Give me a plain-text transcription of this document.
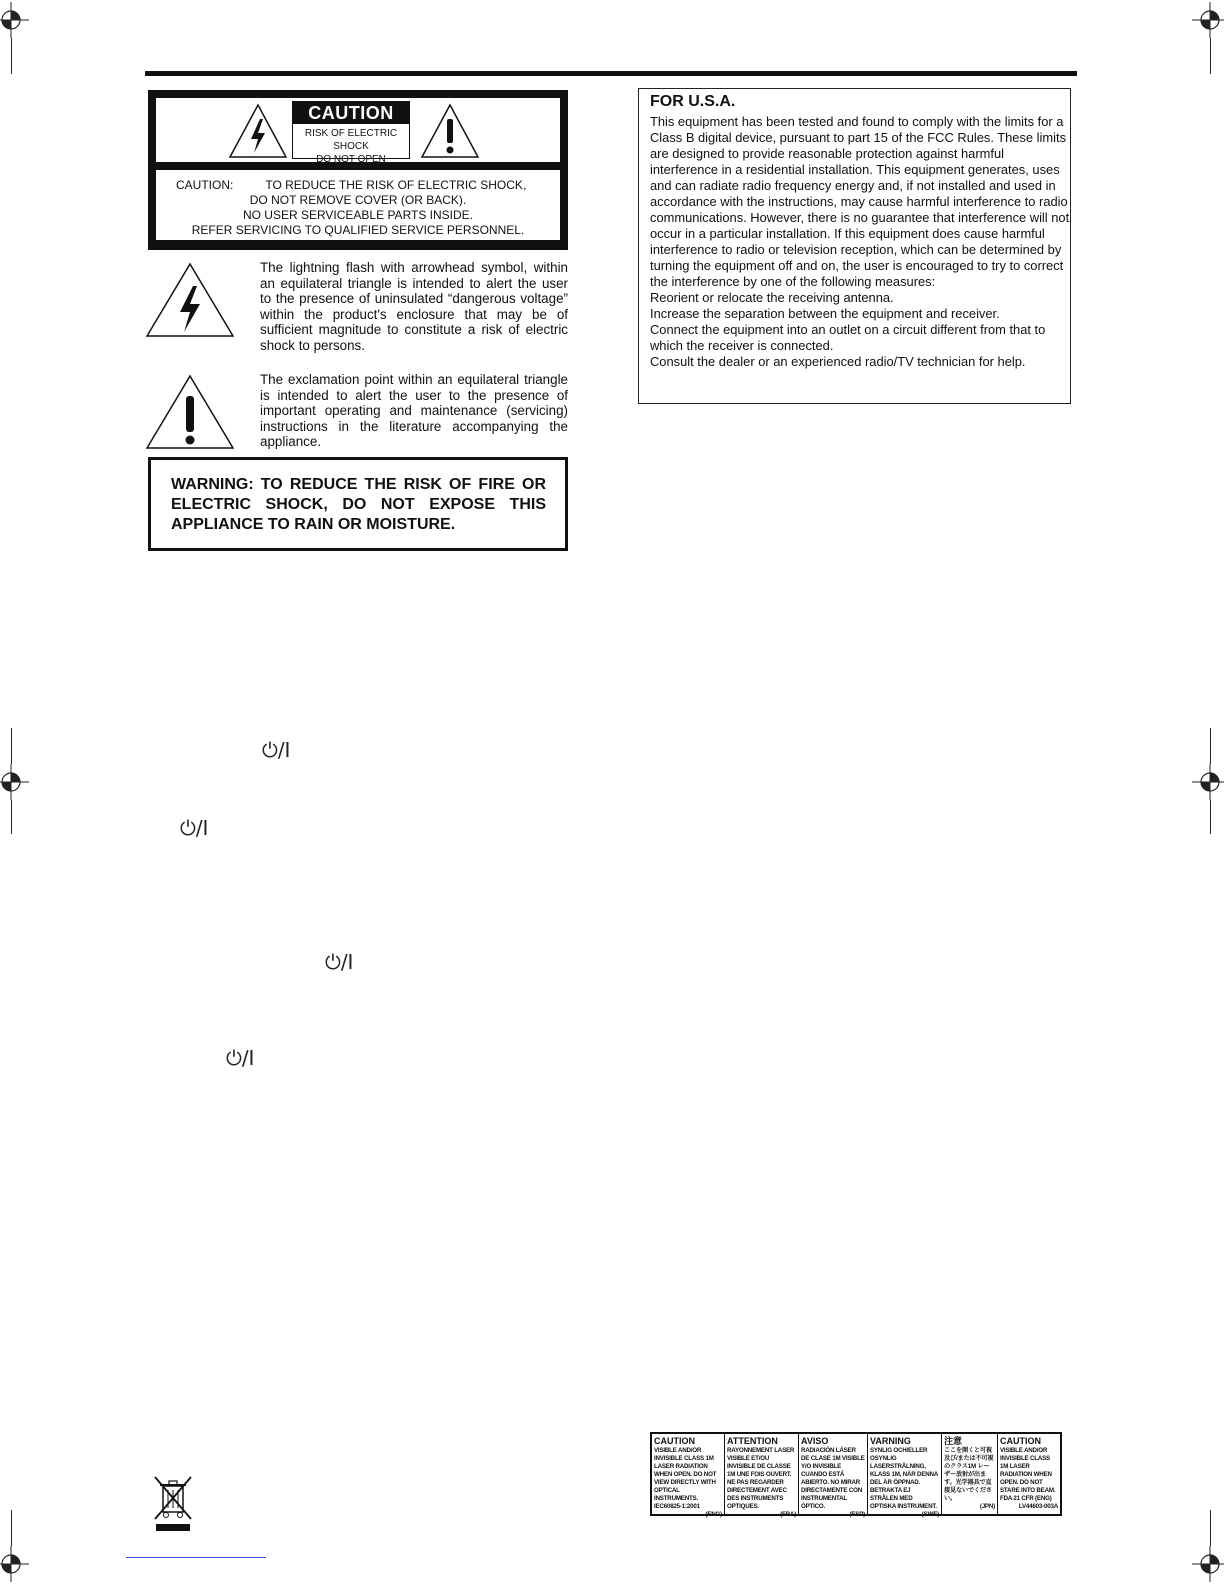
CAUTION
RISK OF ELECTRIC SHOCK
DO NOT OPEN
CAUTION:	TO REDUCE THE RISK OF ELECTRIC SHOCK,
DO NOT REMOVE COVER (OR BACK).
NO USER SERVICEABLE PARTS INSIDE.
REFER SERVICING TO QUALIFIED SERVICE PERSONNEL.
The lightning flash with arrowhead symbol, within an equilateral triangle is intended to alert the user to the presence of uninsulated “dangerous voltage” within the product's enclosure that may be of sufficient magnitude to constitute a risk of electric shock to persons.
The exclamation point within an equilateral triangle is intended to alert the user to the presence of important operating and maintenance (servicing) instructions in the literature accompanying the appliance.
WARNING: TO REDUCE THE RISK OF FIRE OR ELECTRIC SHOCK, DO NOT EXPOSE THIS APPLIANCE TO RAIN OR MOISTURE.
FOR U.S.A.
This equipment has been tested and found to comply with the limits for a Class B digital device, pursuant to part 15 of the FCC Rules. These limits are designed to provide reasonable protection against harmful interference in a residential installation. This equipment generates, uses and can radiate radio frequency energy and, if not installed and used in accordance with the instructions, may cause harmful interference to radio communications. However, there is no guarantee that interference will not occur in a particular installation. If this equipment does cause harmful interference to radio or television reception, which can be determined by turning the equipment off and on, the user is encouraged to try to correct the interference by one of the following measures:
Reorient or relocate the receiving antenna.
Increase the separation between the equipment and receiver.
Connect the equipment into an outlet on a circuit different from that to which the receiver is connected.
Consult the dealer or an experienced radio/TV technician for help.
⏻/I
⏻/I
⏻/I
⏻/I
CAUTION
VISIBLE AND/OR INVISIBLE CLASS 1M LASER RADIATION WHEN OPEN. DO NOT VIEW DIRECTLY WITH OPTICAL INSTRUMENTS. IEC60825-1:2001
(ENG)
ATTENTION
RAYONNEMENT LASER VISIBLE ET/OU INVISIBLE DE CLASSE 1M UNE FOIS OUVERT. NE PAS REGARDER DIRECTEMENT AVEC DES INSTRUMENTS OPTIQUES.
(FRA)
AVISO
RADIACIÓN LÁSER DE CLASE 1M VISIBLE Y/O INVISIBLE CUANDO ESTÁ ABIERTO. NO MIRAR DIRECTAMENTE CON INSTRUMENTAL ÓPTICO.
(ESP)
VARNING
SYNLIG OCH/ELLER OSYNLIG LASERSTRÅLNING, KLASS 1M, NÄR DENNA DEL ÄR ÖPPNAD. BETRAKTA EJ STRÅLEN MED OPTISKA INSTRUMENT.
(SWE)
注意
ここを開くと可視及び/または不可視のクラス1M レーザー放射が出ます。光学器具で直接見ないでください。
(JPN)
CAUTION
VISIBLE AND/OR INVISIBLE CLASS 1M LASER RADIATION WHEN OPEN. DO NOT STARE INTO BEAM. FDA 21 CFR (ENG)
LV44603-003A
